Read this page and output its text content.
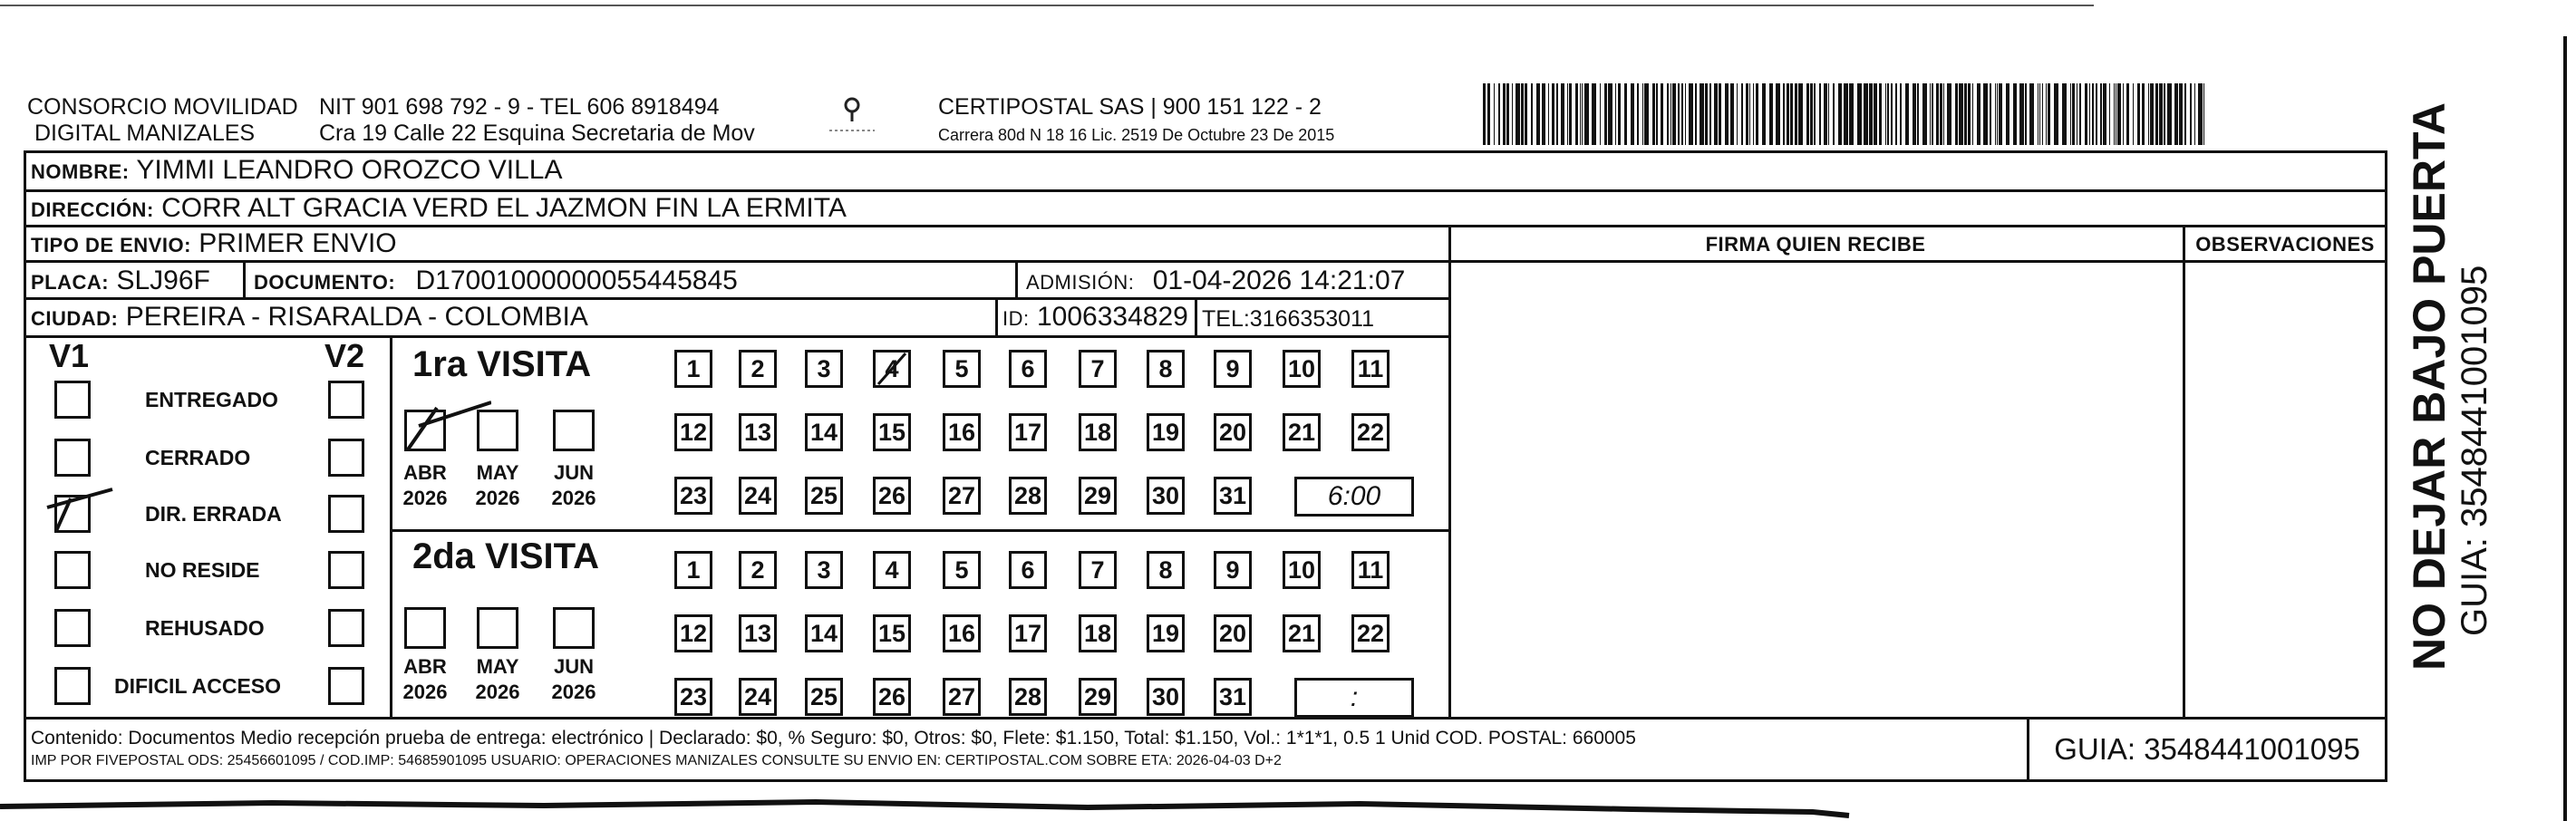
CONSORCIO MOVILIDAD
DIGITAL MANIZALES
NIT 901 698 792 - 9 - TEL 606 8918494
Cra 19 Calle 22 Esquina Secretaria de Mov
CERTIPOSTAL SAS | 900 151 122 - 2
Carrera 80d N 18 16 Lic. 2519 De Octubre 23 De 2015
NOMBRE: YIMMI LEANDRO OROZCO VILLA
DIRECCIÓN: CORR ALT GRACIA VERD EL JAZMON FIN LA ERMITA
TIPO DE ENVIO: PRIMER ENVIO
PLACA: SLJ96F DOCUMENTO: D17001000000055445845	ADMISIÓN: 01-04-2026 14:21:07
CIUDAD: PEREIRA - RISARALDA - COLOMBIA	ID: 1006334829 TEL:3166353011
FIRMA QUIEN RECIBE	OBSERVACIONES
V1	V2
ENTREGADO
CERRADO
DIR. ERRADA
NO RESIDE
REHUSADO
DIFICIL ACCESO
1ra VISITA
2da VISITA
ABR
2026
MAY
2026
JUN
2026
1	2	3	4	5	6	7	8	9	10 11
12 13 14 15 16 17 18 19 20 21 22
23 24 25 26 27 28 29 30 31	6:00
ABR
2026
MAY
2026
JUN
2026
1	2	3	4	5	6	7	8	9	10 11
12 13 14 15 16 17 18 19 20 21 22
23 24 25 26 27 28 29 30 31	:
Contenido: Documentos Medio recepción prueba de entrega: electrónico | Declarado: $0, % Seguro: $0, Otros: $0, Flete: $1.150, Total: $1.150, Vol.: 1*1*1, 0.5 1 Unid COD. POSTAL: 660005
IMP POR FIVEPOSTAL ODS: 25456601095 / COD.IMP: 54685901095 USUARIO: OPERACIONES MANIZALES CONSULTE SU ENVIO EN: CERTIPOSTAL.COM SOBRE ETA: 2026-04-03 D+2	GUIA: 3548441001095
NO DEJAR BAJO PUERTA GUIA: 3548441001095
